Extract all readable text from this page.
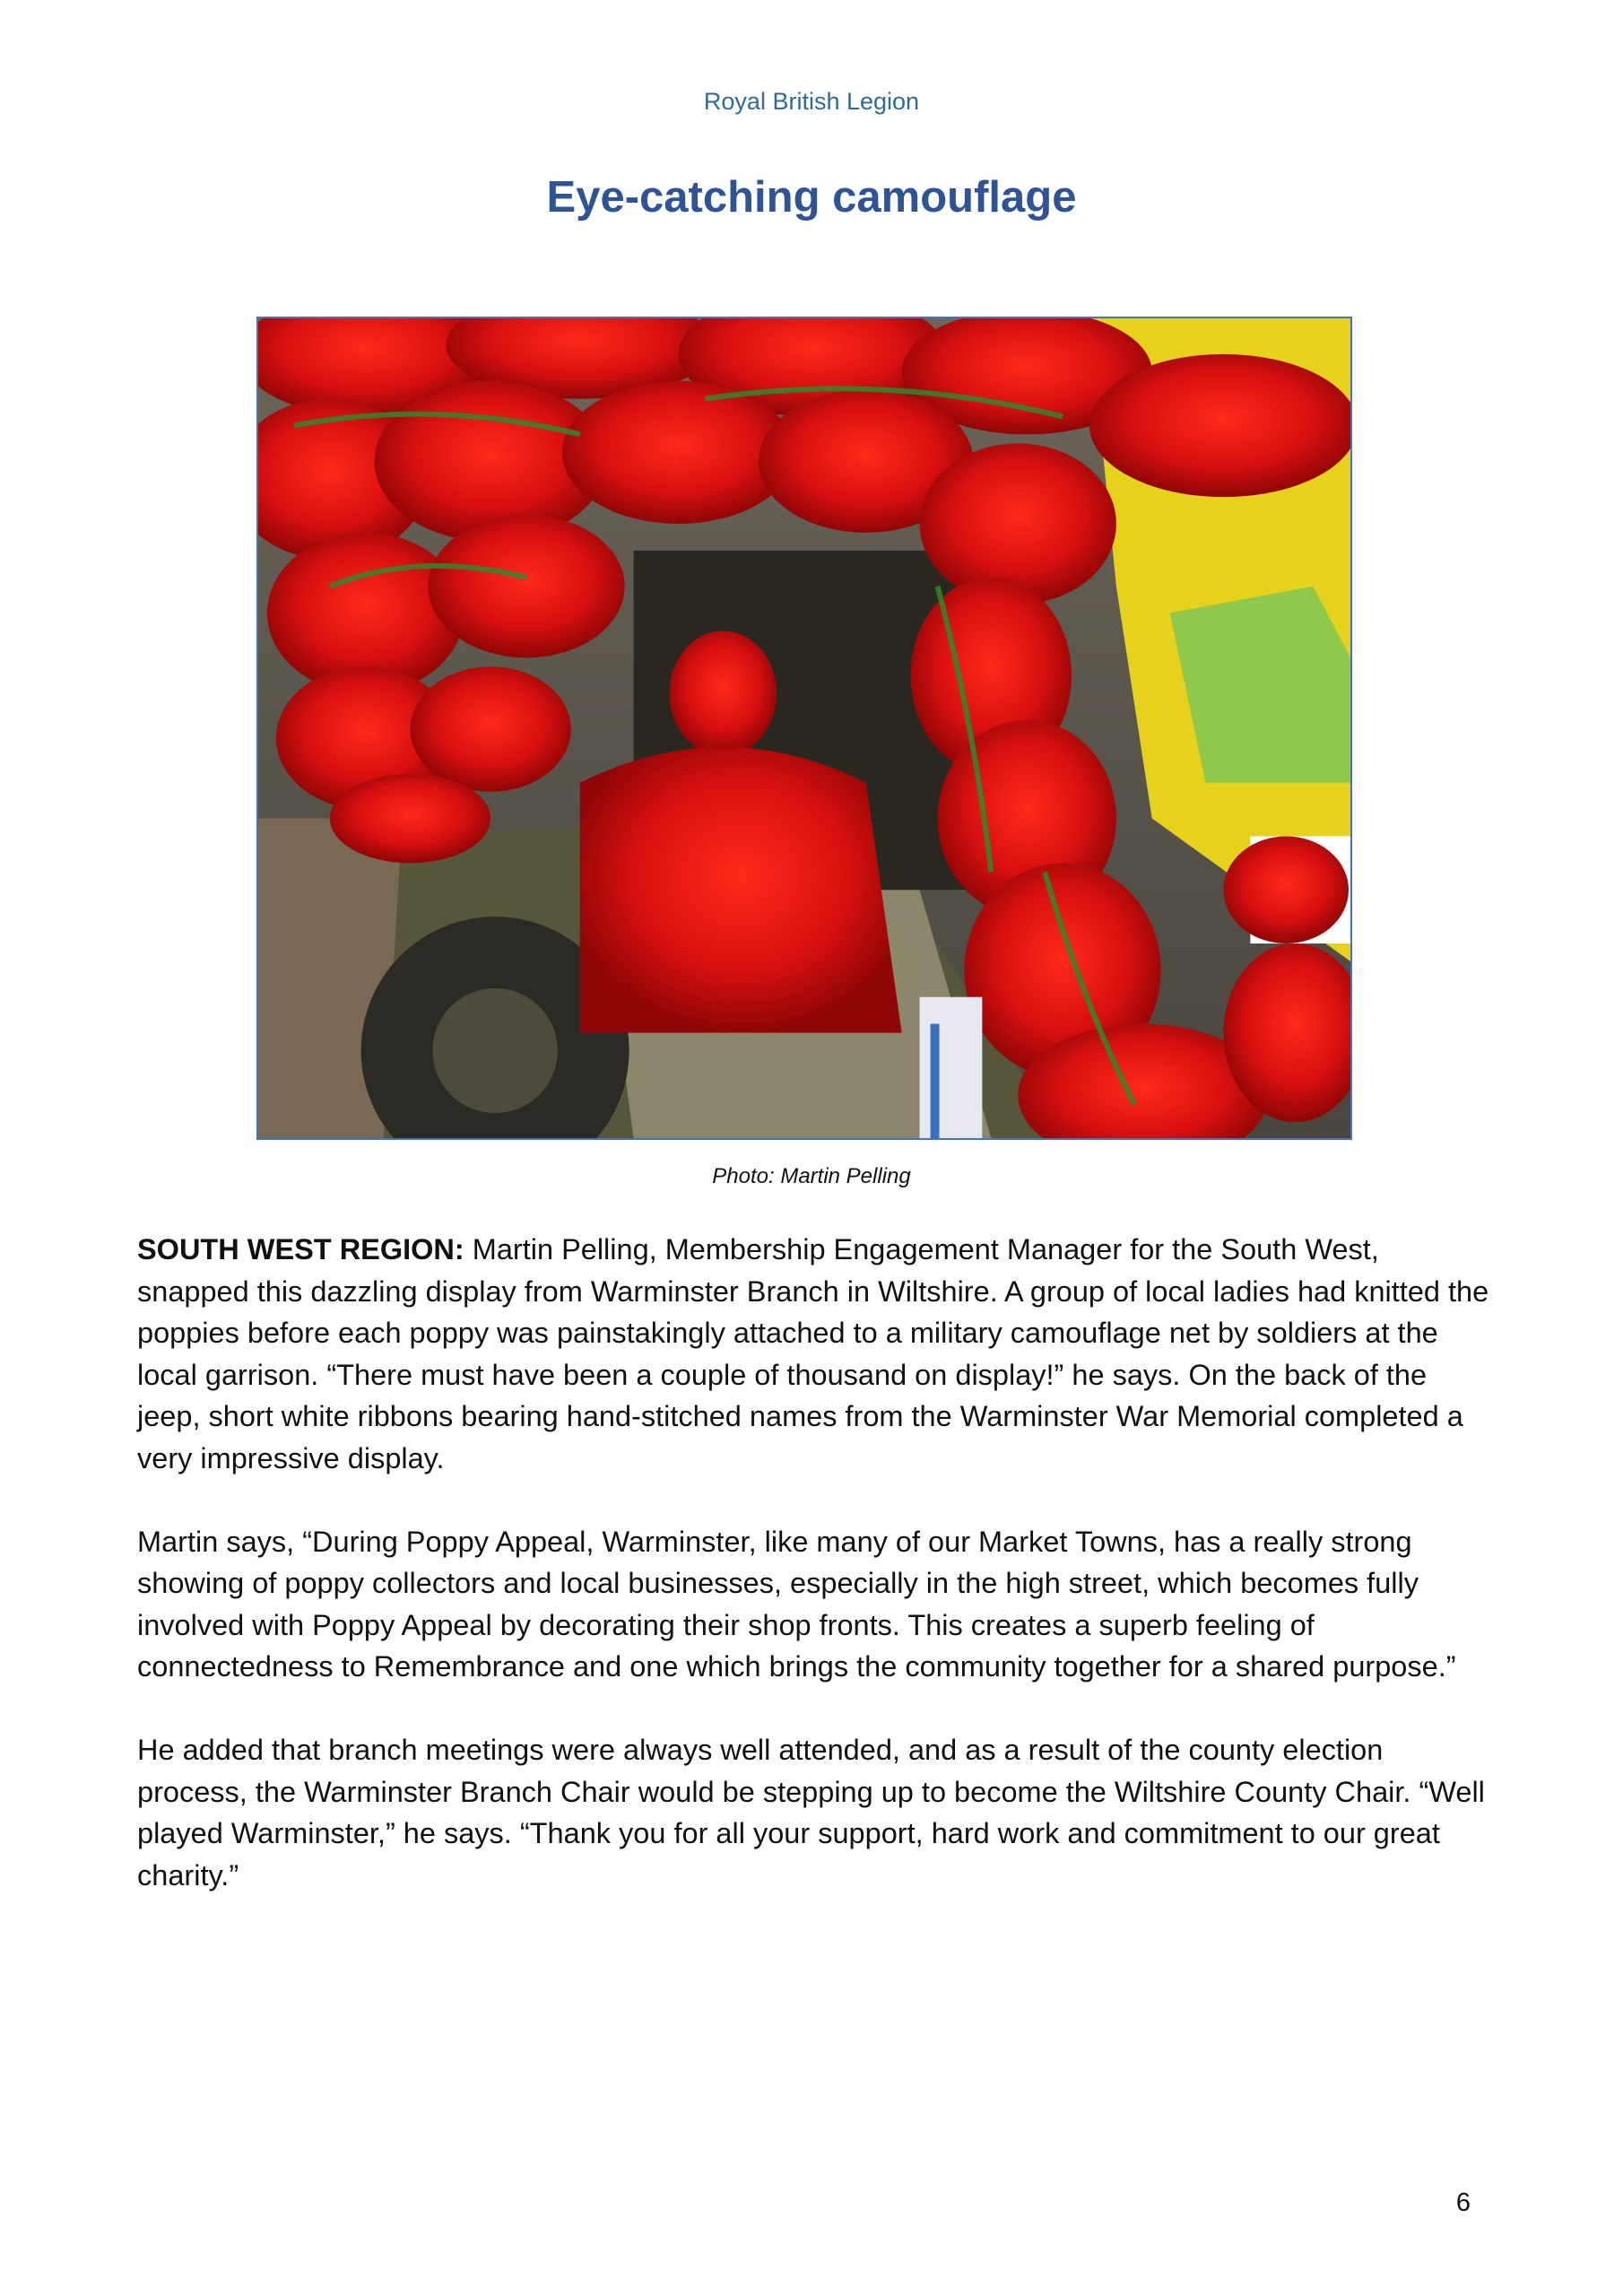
Royal British Legion
Eye-catching camouflage
Photo: Martin Pelling

SOUTH WEST REGION: Martin Pelling, Membership Engagement Manager for the South West, snapped this dazzling display from Warminster Branch in Wiltshire. A group of local ladies had knitted the poppies before each poppy was painstakingly attached to a military camouflage net by soldiers at the local garrison. “There must have been a couple of thousand on display!” he says. On the back of the jeep, short white ribbons bearing hand-stitched names from the Warminster War Memorial completed a very impressive display.

Martin says, “During Poppy Appeal, Warminster, like many of our Market Towns, has a really strong showing of poppy collectors and local businesses, especially in the high street, which becomes fully involved with Poppy Appeal by decorating their shop fronts. This creates a superb feeling of connectedness to Remembrance and one which brings the community together for a shared purpose.”

He added that branch meetings were always well attended, and as a result of the county election process, the Warminster Branch Chair would be stepping up to become the Wiltshire County Chair. “Well played Warminster,” he says. “Thank you for all your support, hard work and commitment to our great charity.”

6
